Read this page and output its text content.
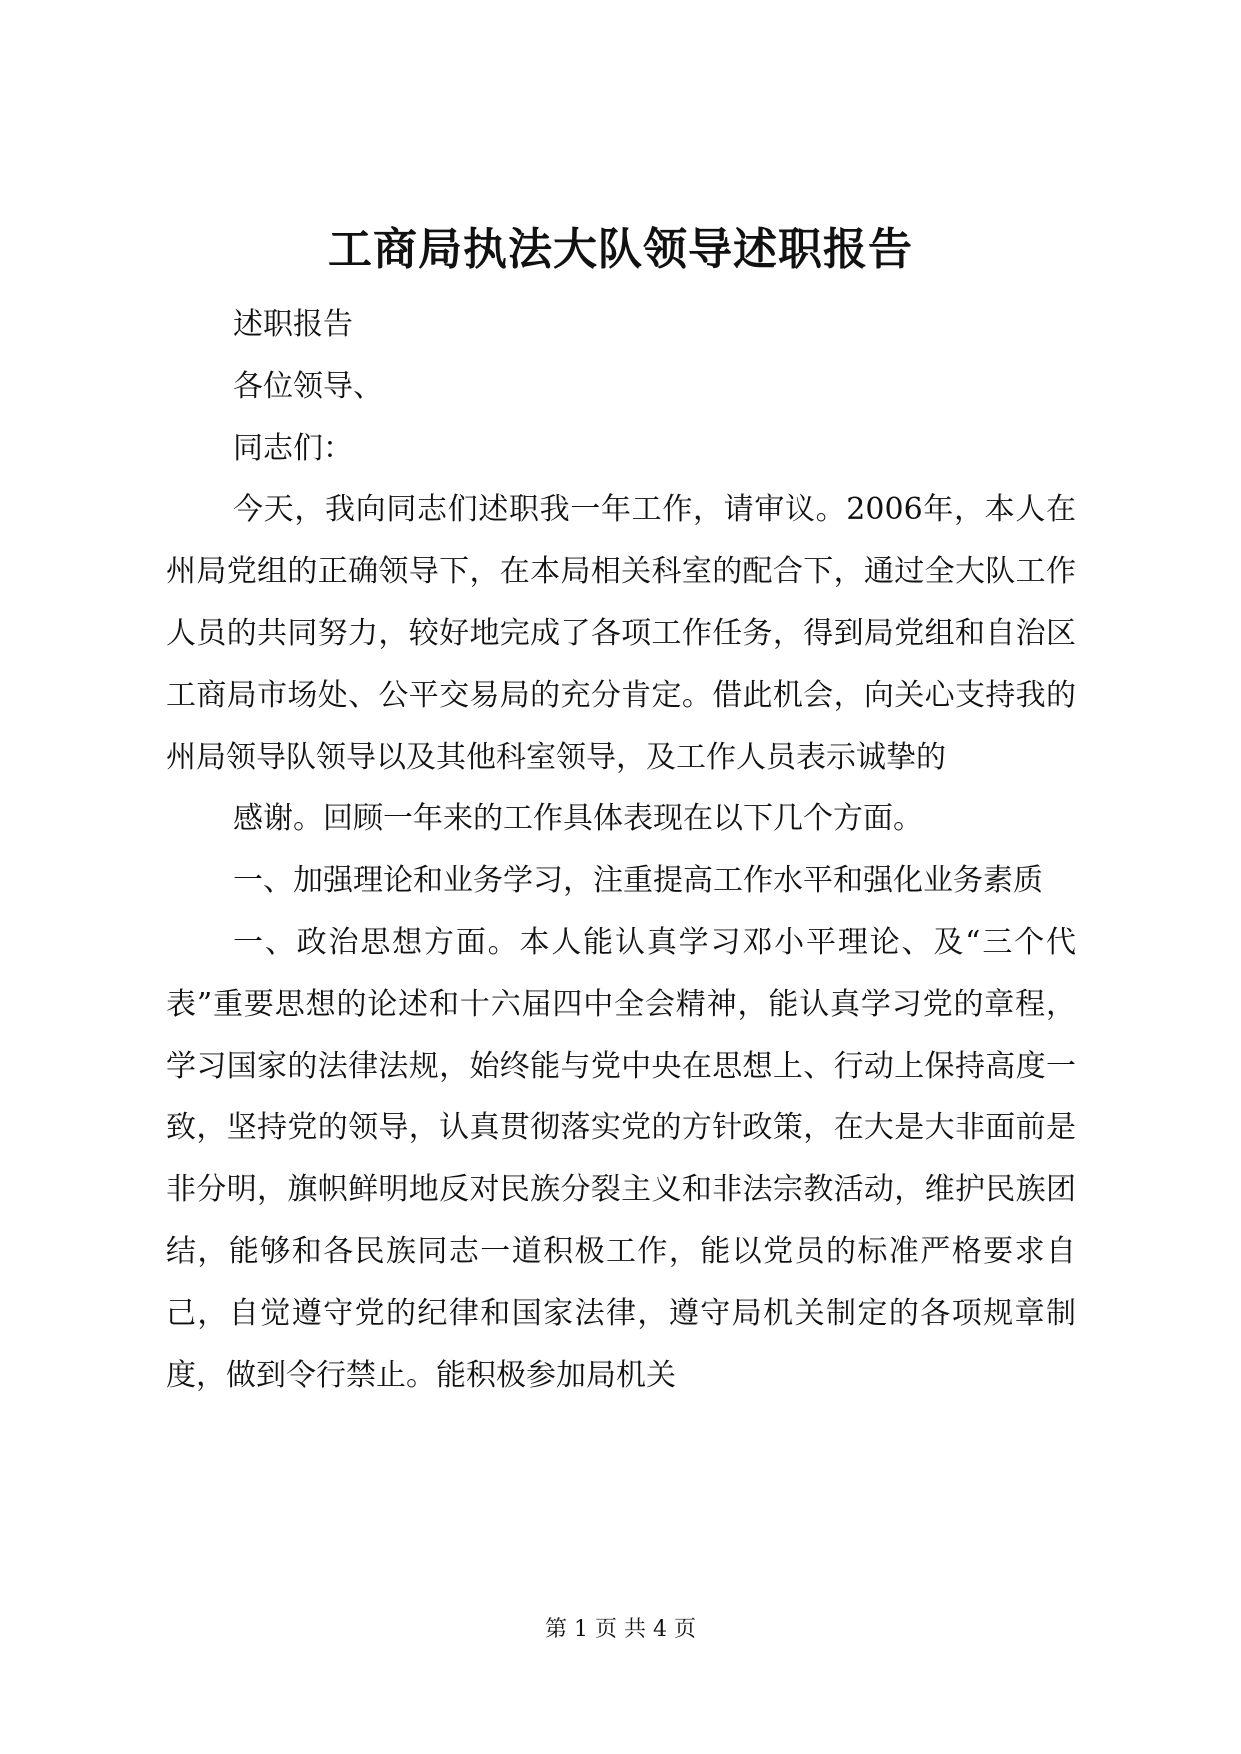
工商局执法大队领导述职报告

述职报告

各位领导、

同志们：

今天，我向同志们述职我一年工作，请审议。2006年，本人在州局党组的正确领导下，在本局相关科室的配合下，通过全大队工作人员的共同努力，较好地完成了各项工作任务，得到局党组和自治区工商局市场处、公平交易局的充分肯定。借此机会，向关心支持我的州局领导队领导以及其他科室领导，及工作人员表示诚挚的

感谢。回顾一年来的工作具体表现在以下几个方面。

一、加强理论和业务学习，注重提高工作水平和强化业务素质

一、政治思想方面。本人能认真学习邓小平理论、及“三个代表”重要思想的论述和十六届四中全会精神，能认真学习党的章程，学习国家的法律法规，始终能与党中央在思想上、行动上保持高度一致，坚持党的领导，认真贯彻落实党的方针政策，在大是大非面前是非分明，旗帜鲜明地反对民族分裂主义和非法宗教活动，维护民族团结，能够和各民族同志一道积极工作，能以党员的标准严格要求自己，自觉遵守党的纪律和国家法律，遵守局机关制定的各项规章制度，做到令行禁止。能积极参加局机关

第 1 页 共 4 页
